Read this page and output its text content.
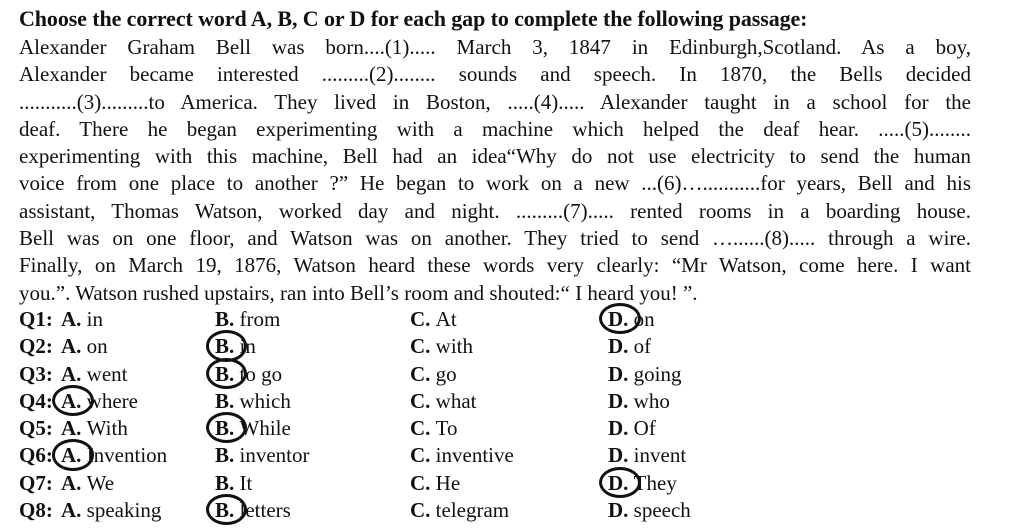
Choose the correct word A, B, C or D for each gap to complete the following passage:
Alexander Graham Bell was born....(1)..... March 3, 1847 in Edinburgh,Scotland. As a boy,
Alexander became interested .........(2)........ sounds and speech. In 1870, the Bells decided
...........(3).........to America. They lived in Boston, .....(4)..... Alexander taught in a school for the
deaf. There he began experimenting with a machine which helped the deaf hear. .....(5)........
experimenting with this machine, Bell had an idea“Why do not use electricity to send the human
voice from one place to another ?” He began to work on a new ...(6)…...........for years, Bell and his
assistant, Thomas Watson, worked day and night. .........(7)..... rented rooms in a boarding house.
Bell was on one floor, and Watson was on another. They tried to send …......(8)..... through a wire.
Finally, on March 19, 1876, Watson heard these words very clearly: “Mr Watson, come here. I want
you.”. Watson rushed upstairs, ran into Bell’s room and shouted:“ I heard you! ”.
Q1: A. in	B. from	C. At	D. on
Q2: A. on	B. in	C. with	D. of
Q3: A. went	B. to go	C. go	D. going
Q4: A. where	B. which	C. what	D. who
Q5: A. With	B. While	C. To	D. Of
Q6: A. Invention B. inventor	C. inventive	D. invent
Q7: A. We	B. It	C. He	D. They
Q8: A. speaking	B. letters	C. telegram	D. speech
